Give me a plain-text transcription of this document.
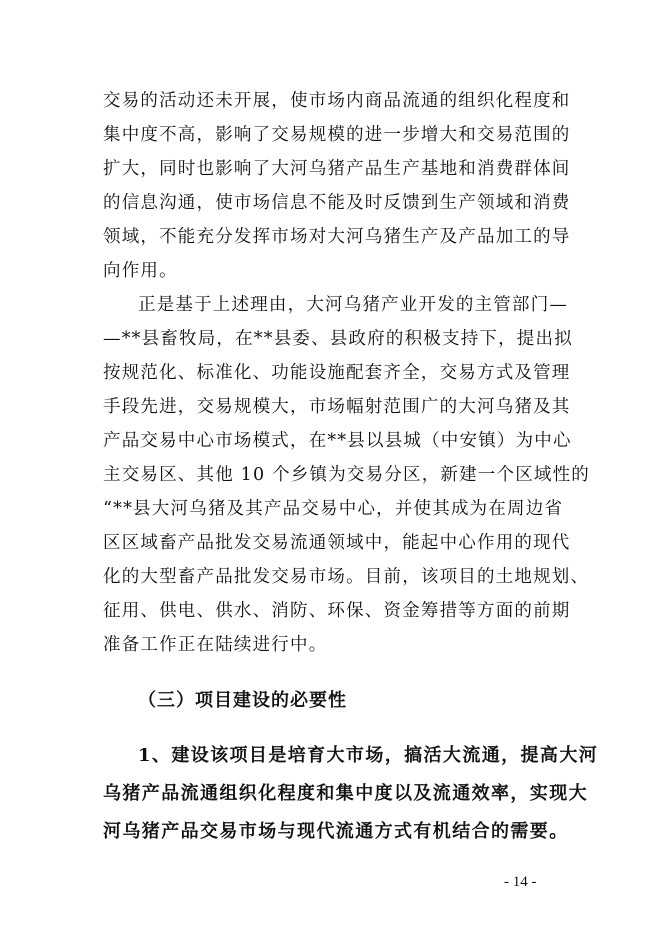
交易的活动还未开展，使市场内商品流通的组织化程度和
集中度不高，影响了交易规模的进一步增大和交易范围的
扩大，同时也影响了大河乌猪产品生产基地和消费群体间
的信息沟通，使市场信息不能及时反馈到生产领域和消费
领域，不能充分发挥市场对大河乌猪生产及产品加工的导
向作用。
正是基于上述理由，大河乌猪产业开发的主管部门—
—**县畜牧局，在**县委、县政府的积极支持下，提出拟
按规范化、标准化、功能设施配套齐全，交易方式及管理
手段先进，交易规模大，市场幅射范围广的大河乌猪及其
产品交易中心市场模式，在**县以县城（中安镇）为中心
主交易区、其他 10 个乡镇为交易分区，新建一个区域性的
“**县大河乌猪及其产品交易中心，并使其成为在周边省
区区域畜产品批发交易流通领域中，能起中心作用的现代
化的大型畜产品批发交易市场。目前，该项目的土地规划、
征用、供电、供水、消防、环保、资金筹措等方面的前期
准备工作正在陆续进行中。
（三）项目建设的必要性
1、建设该项目是培育大市场，搞活大流通，提高大河
乌猪产品流通组织化程度和集中度以及流通效率，实现大
河乌猪产品交易市场与现代流通方式有机结合的需要。
- 14 -
